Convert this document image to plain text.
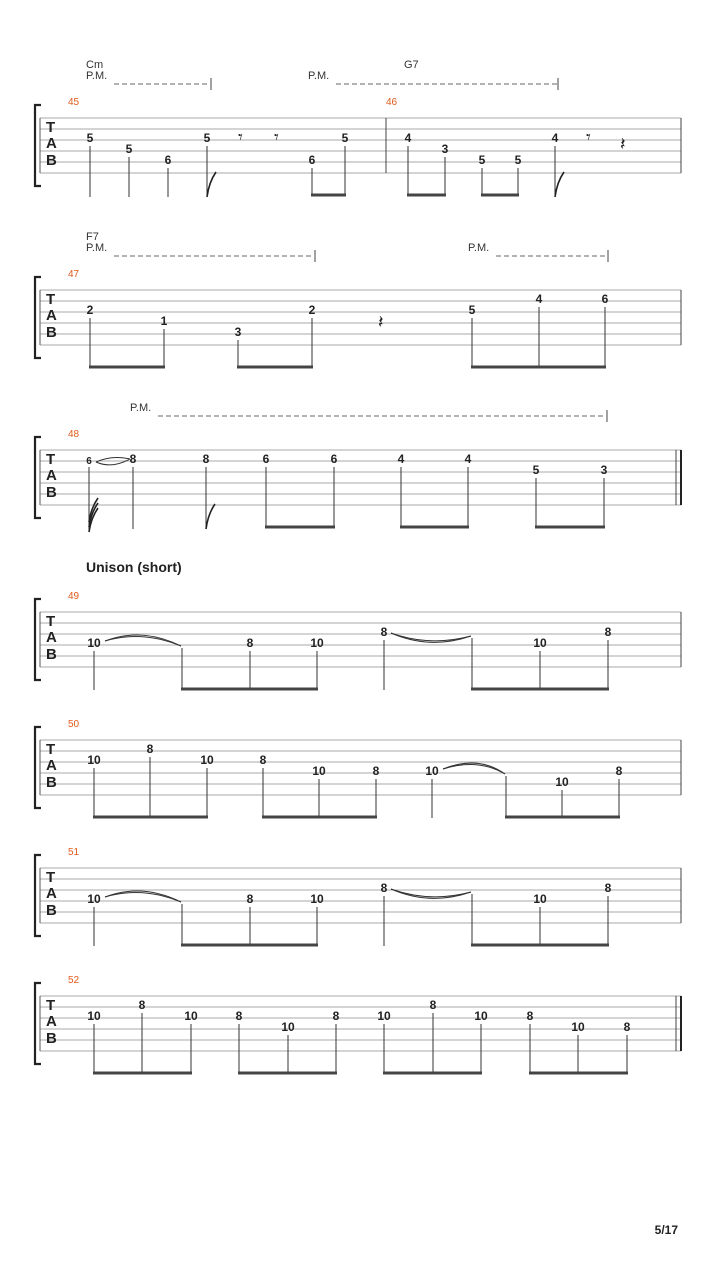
T
A
B
45	46
Cm	G7
P.M.	P.M.
5
5
6
5
6
5	4
3
5 5
4
𝄾 𝄾	𝄾 𝄽
T
A
B
47
F7
P.M.	P.M.
2
1
3
2	5
4	6
𝄽
T
A
B
48
P.M.
6	8	8	6	6	4	4
5	3
Unison (short)
T
A
B
49
10	8	10
8
10
8
T
A
B
50
10
8
10	8
10	8	10
10
8
T
A
B
51
10	8	10
8
10
8
T
A
B
52
10
8
10	8
10
8	10
8
10	8
10	8
5/17
